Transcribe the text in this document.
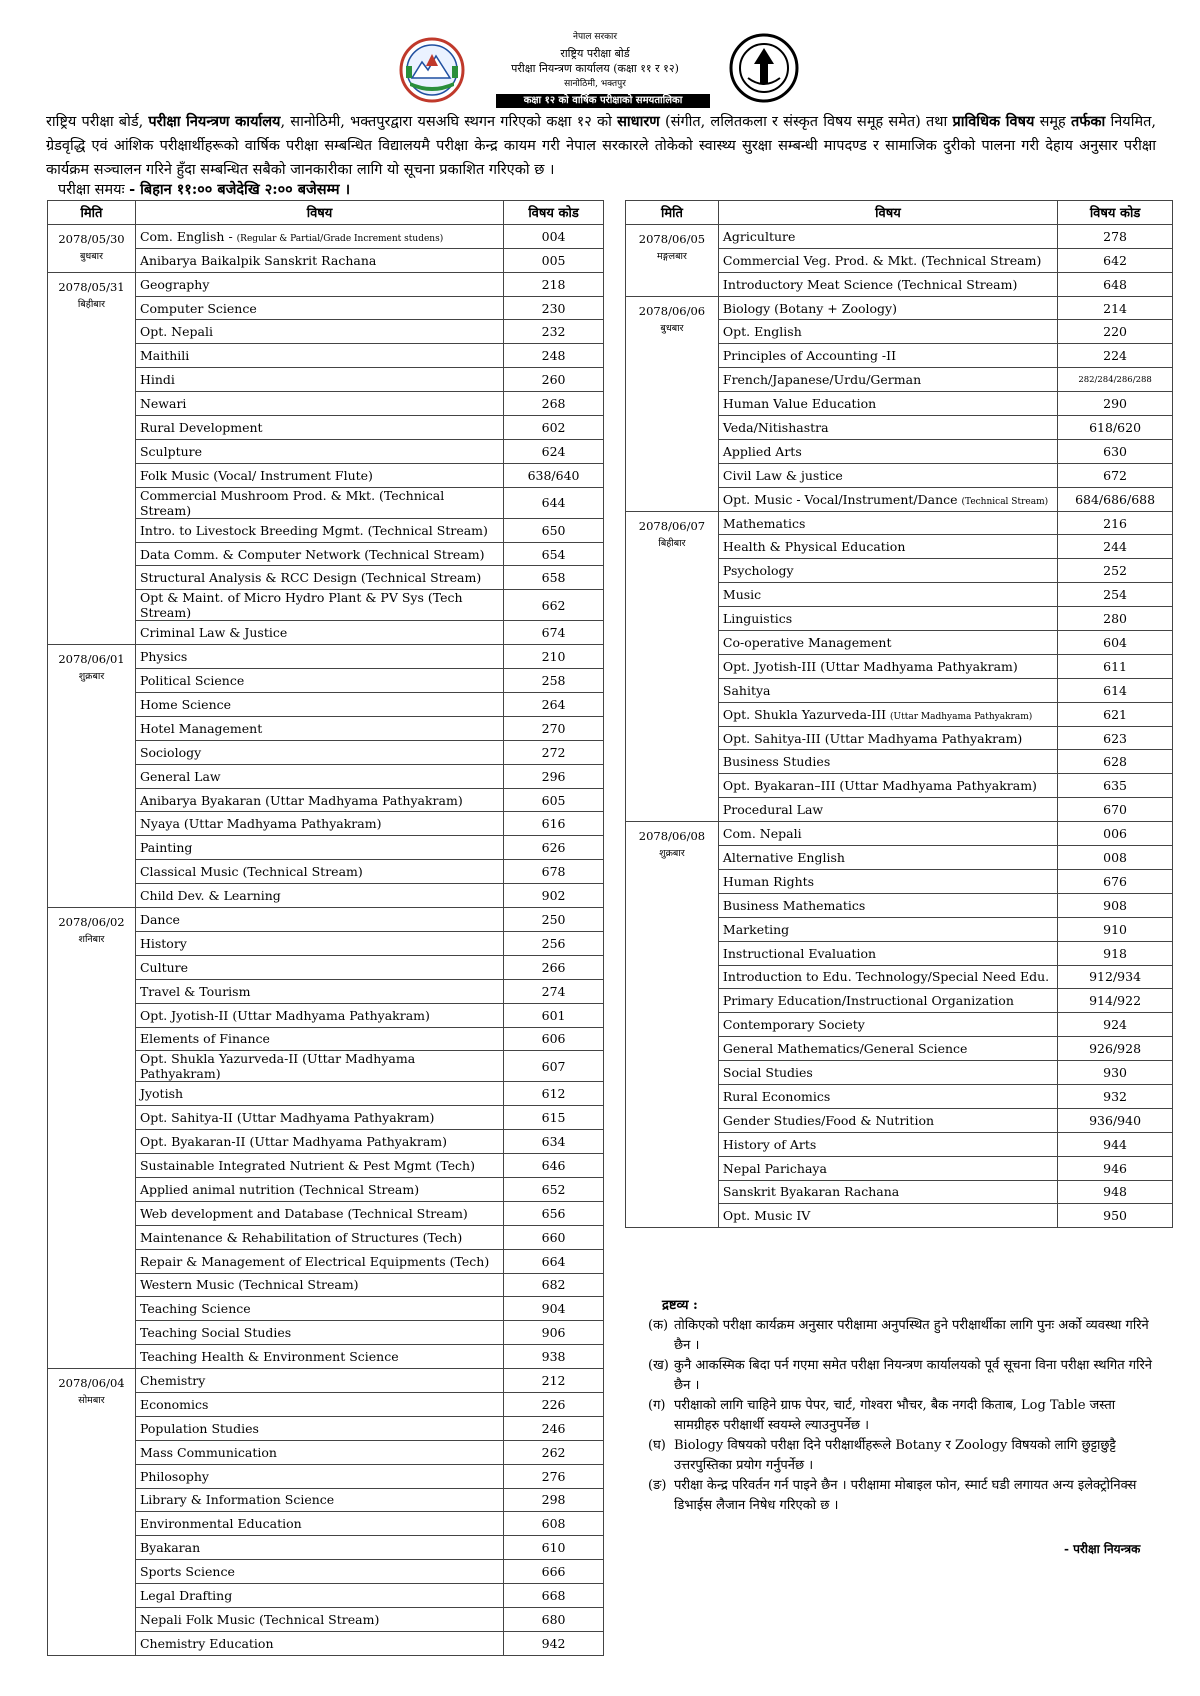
नेपाल सरकार
राष्ट्रिय परीक्षा बोर्ड
परीक्षा नियन्त्रण कार्यालय (कक्षा ११ र १२)
सानोठिमी, भक्तपुर
कक्षा १२ को वार्षिक परीक्षाको समयतालिका
राष्ट्रिय परीक्षा बोर्ड, परीक्षा नियन्त्रण कार्यालय, सानोठिमी, भक्तपुरद्वारा यसअघि स्थगन गरिएको कक्षा १२ को साधारण (संगीत, ललितकला र संस्कृत विषय समूह समेत) तथा प्राविधिक विषय समूह तर्फका नियमित, ग्रेडवृद्धि एवं आंशिक परीक्षार्थीहरूको वार्षिक परीक्षा सम्बन्धित विद्यालयमै परीक्षा केन्द्र कायम गरी नेपाल सरकारले तोकेको स्वास्थ्य सुरक्षा सम्बन्धी मापदण्ड र सामाजिक दुरीको पालना गरी देहाय अनुसार परीक्षा कार्यक्रम सञ्चालन गरिने हुँदा सम्बन्धित सबैको जानकारीका लागि यो सूचना प्रकाशित गरिएको छ ।
परीक्षा समयः - बिहान ११:०० बजेदेखि २:०० बजेसम्म ।
मिति	विषय	विषय कोड
2078/05/30
बुधबार	Com. English - (Regular & Partial/Grade Increment studens)	004
	Anibarya Baikalpik Sanskrit Rachana	005
2078/05/31
बिहीबार	Geography	218
	Computer Science	230
	Opt. Nepali	232
	Maithili	248
	Hindi	260
	Newari	268
	Rural Development	602
	Sculpture	624
	Folk Music (Vocal/ Instrument Flute)	638/640
	Commercial Mushroom Prod. & Mkt. (Technical Stream)	644
	Intro. to Livestock Breeding Mgmt. (Technical Stream)	650
	Data Comm. & Computer Network (Technical Stream)	654
	Structural Analysis & RCC Design (Technical Stream)	658
	Opt & Maint. of Micro Hydro Plant & PV Sys (Tech Stream)	662
	Criminal Law & Justice	674
2078/06/01
शुक्रबार	Physics	210
	Political Science	258
	Home Science	264
	Hotel Management	270
	Sociology	272
	General Law	296
	Anibarya Byakaran (Uttar Madhyama Pathyakram)	605
	Nyaya (Uttar Madhyama Pathyakram)	616
	Painting	626
	Classical Music (Technical Stream)	678
	Child Dev. & Learning	902
2078/06/02
शनिबार	Dance	250
	History	256
	Culture	266
	Travel & Tourism	274
	Opt. Jyotish-II (Uttar Madhyama Pathyakram)	601
	Elements of Finance	606
	Opt. Shukla Yazurveda-II (Uttar Madhyama Pathyakram)	607
	Jyotish	612
	Opt. Sahitya-II (Uttar Madhyama Pathyakram)	615
	Opt. Byakaran-II (Uttar Madhyama Pathyakram)	634
	Sustainable Integrated Nutrient & Pest Mgmt (Tech)	646
	Applied animal nutrition (Technical Stream)	652
	Web development and Database (Technical Stream)	656
	Maintenance & Rehabilitation of Structures (Tech)	660
	Repair & Management of Electrical Equipments (Tech)	664
	Western Music (Technical Stream)	682
	Teaching Science	904
	Teaching Social Studies	906
	Teaching Health & Environment Science	938
2078/06/04
सोमबार	Chemistry	212
	Economics	226
	Population Studies	246
	Mass Communication	262
	Philosophy	276
	Library & Information Science	298
	Environmental Education	608
	Byakaran	610
	Sports Science	666
	Legal Drafting	668
	Nepali Folk Music (Technical Stream)	680
	Chemistry Education	942
मिति	विषय	विषय कोड
2078/06/05
मङ्गलबार	Agriculture	278
	Commercial Veg. Prod. & Mkt. (Technical Stream)	642
	Introductory Meat Science (Technical Stream)	648
2078/06/06
बुधबार	Biology (Botany + Zoology)	214
	Opt. English	220
	Principles of Accounting -II	224
	French/Japanese/Urdu/German	282/284/286/288
	Human Value Education	290
	Veda/Nitishastra	618/620
	Applied Arts	630
	Civil Law & justice	672
	Opt. Music - Vocal/Instrument/Dance (Technical Stream)	684/686/688
2078/06/07
बिहीबार	Mathematics	216
	Health & Physical Education	244
	Psychology	252
	Music	254
	Linguistics	280
	Co-operative Management	604
	Opt. Jyotish-III (Uttar Madhyama Pathyakram)	611
	Sahitya	614
	Opt. Shukla Yazurveda-III (Uttar Madhyama Pathyakram)	621
	Opt. Sahitya-III (Uttar Madhyama Pathyakram)	623
	Business Studies	628
	Opt. Byakaran–III (Uttar Madhyama Pathyakram)	635
	Procedural Law	670
2078/06/08
शुक्रबार	Com. Nepali	006
	Alternative English	008
	Human Rights	676
	Business Mathematics	908
	Marketing	910
	Instructional Evaluation	918
	Introduction to Edu. Technology/Special Need Edu.	912/934
	Primary Education/Instructional Organization	914/922
	Contemporary Society	924
	General Mathematics/General Science	926/928
	Social Studies	930
	Rural Economics	932
	Gender Studies/Food & Nutrition	936/940
	History of Arts	944
	Nepal Parichaya	946
	Sanskrit Byakaran Rachana	948
	Opt. Music IV	950
द्रष्टव्य :
(क) तोकिएको परीक्षा कार्यक्रम अनुसार परीक्षामा अनुपस्थित हुने परीक्षार्थीका लागि पुनः अर्को व्यवस्था गरिने छैन ।
(ख) कुनै आकस्मिक बिदा पर्न गएमा समेत परीक्षा नियन्त्रण कार्यालयको पूर्व सूचना विना परीक्षा स्थगित गरिने छैन ।
(ग) परीक्षाको लागि चाहिने ग्राफ पेपर, चार्ट, गोश्वरा भौचर, बैक नगदी किताब, Log Table जस्ता सामग्रीहरु परीक्षार्थी स्वयम्ले ल्याउनुपर्नेछ ।
(घ) Biology विषयको परीक्षा दिने परीक्षार्थीहरूले Botany र Zoology विषयको लागि छुट्टाछुट्टै उत्तरपुस्तिका प्रयोग गर्नुपर्नेछ ।
(ङ) परीक्षा केन्द्र परिवर्तन गर्न पाइने छैन । परीक्षामा मोबाइल फोन, स्मार्ट घडी लगायत अन्य इलेक्ट्रोनिक्स डिभाईस लैजान निषेध गरिएको छ ।
- परीक्षा नियन्त्रक
